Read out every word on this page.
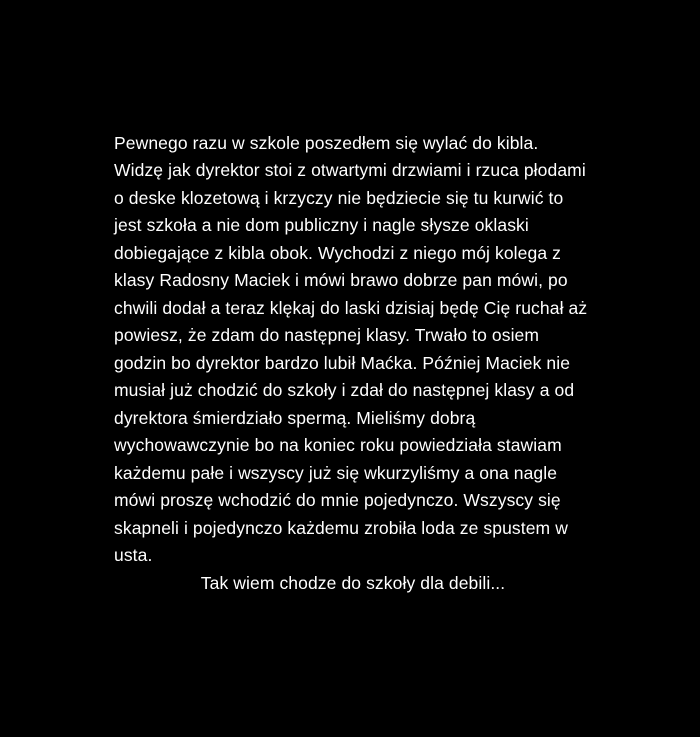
Pewnego razu w szkole poszedłem się wylać do kibla. Widzę jak dyrektor stoi z otwartymi drzwiami i rzuca płodami o deske klozetową i krzyczy nie będziecie się tu kurwić to jest szkoła a nie dom publiczny i nagle słysze oklaski dobiegające z kibla obok. Wychodzi z niego mój kolega z klasy Radosny Maciek i mówi brawo dobrze pan mówi, po chwili dodał a teraz klękaj do laski dzisiaj będę Cię ruchał aż powiesz, że zdam do następnej klasy. Trwało to osiem godzin bo dyrektor bardzo lubił Maćka. Później Maciek nie musiał już chodzić do szkoły i zdał do następnej klasy a od dyrektora śmierdziało spermą. Mieliśmy dobrą wychowawczynie bo na koniec roku powiedziała stawiam każdemu pałe i wszyscy już się wkurzyliśmy a ona nagle mówi proszę wchodzić do mnie pojedynczo. Wszyscy się skapneli i pojedynczo każdemu zrobiła loda ze spustem w usta.

Tak wiem chodze do szkoły dla debili...
